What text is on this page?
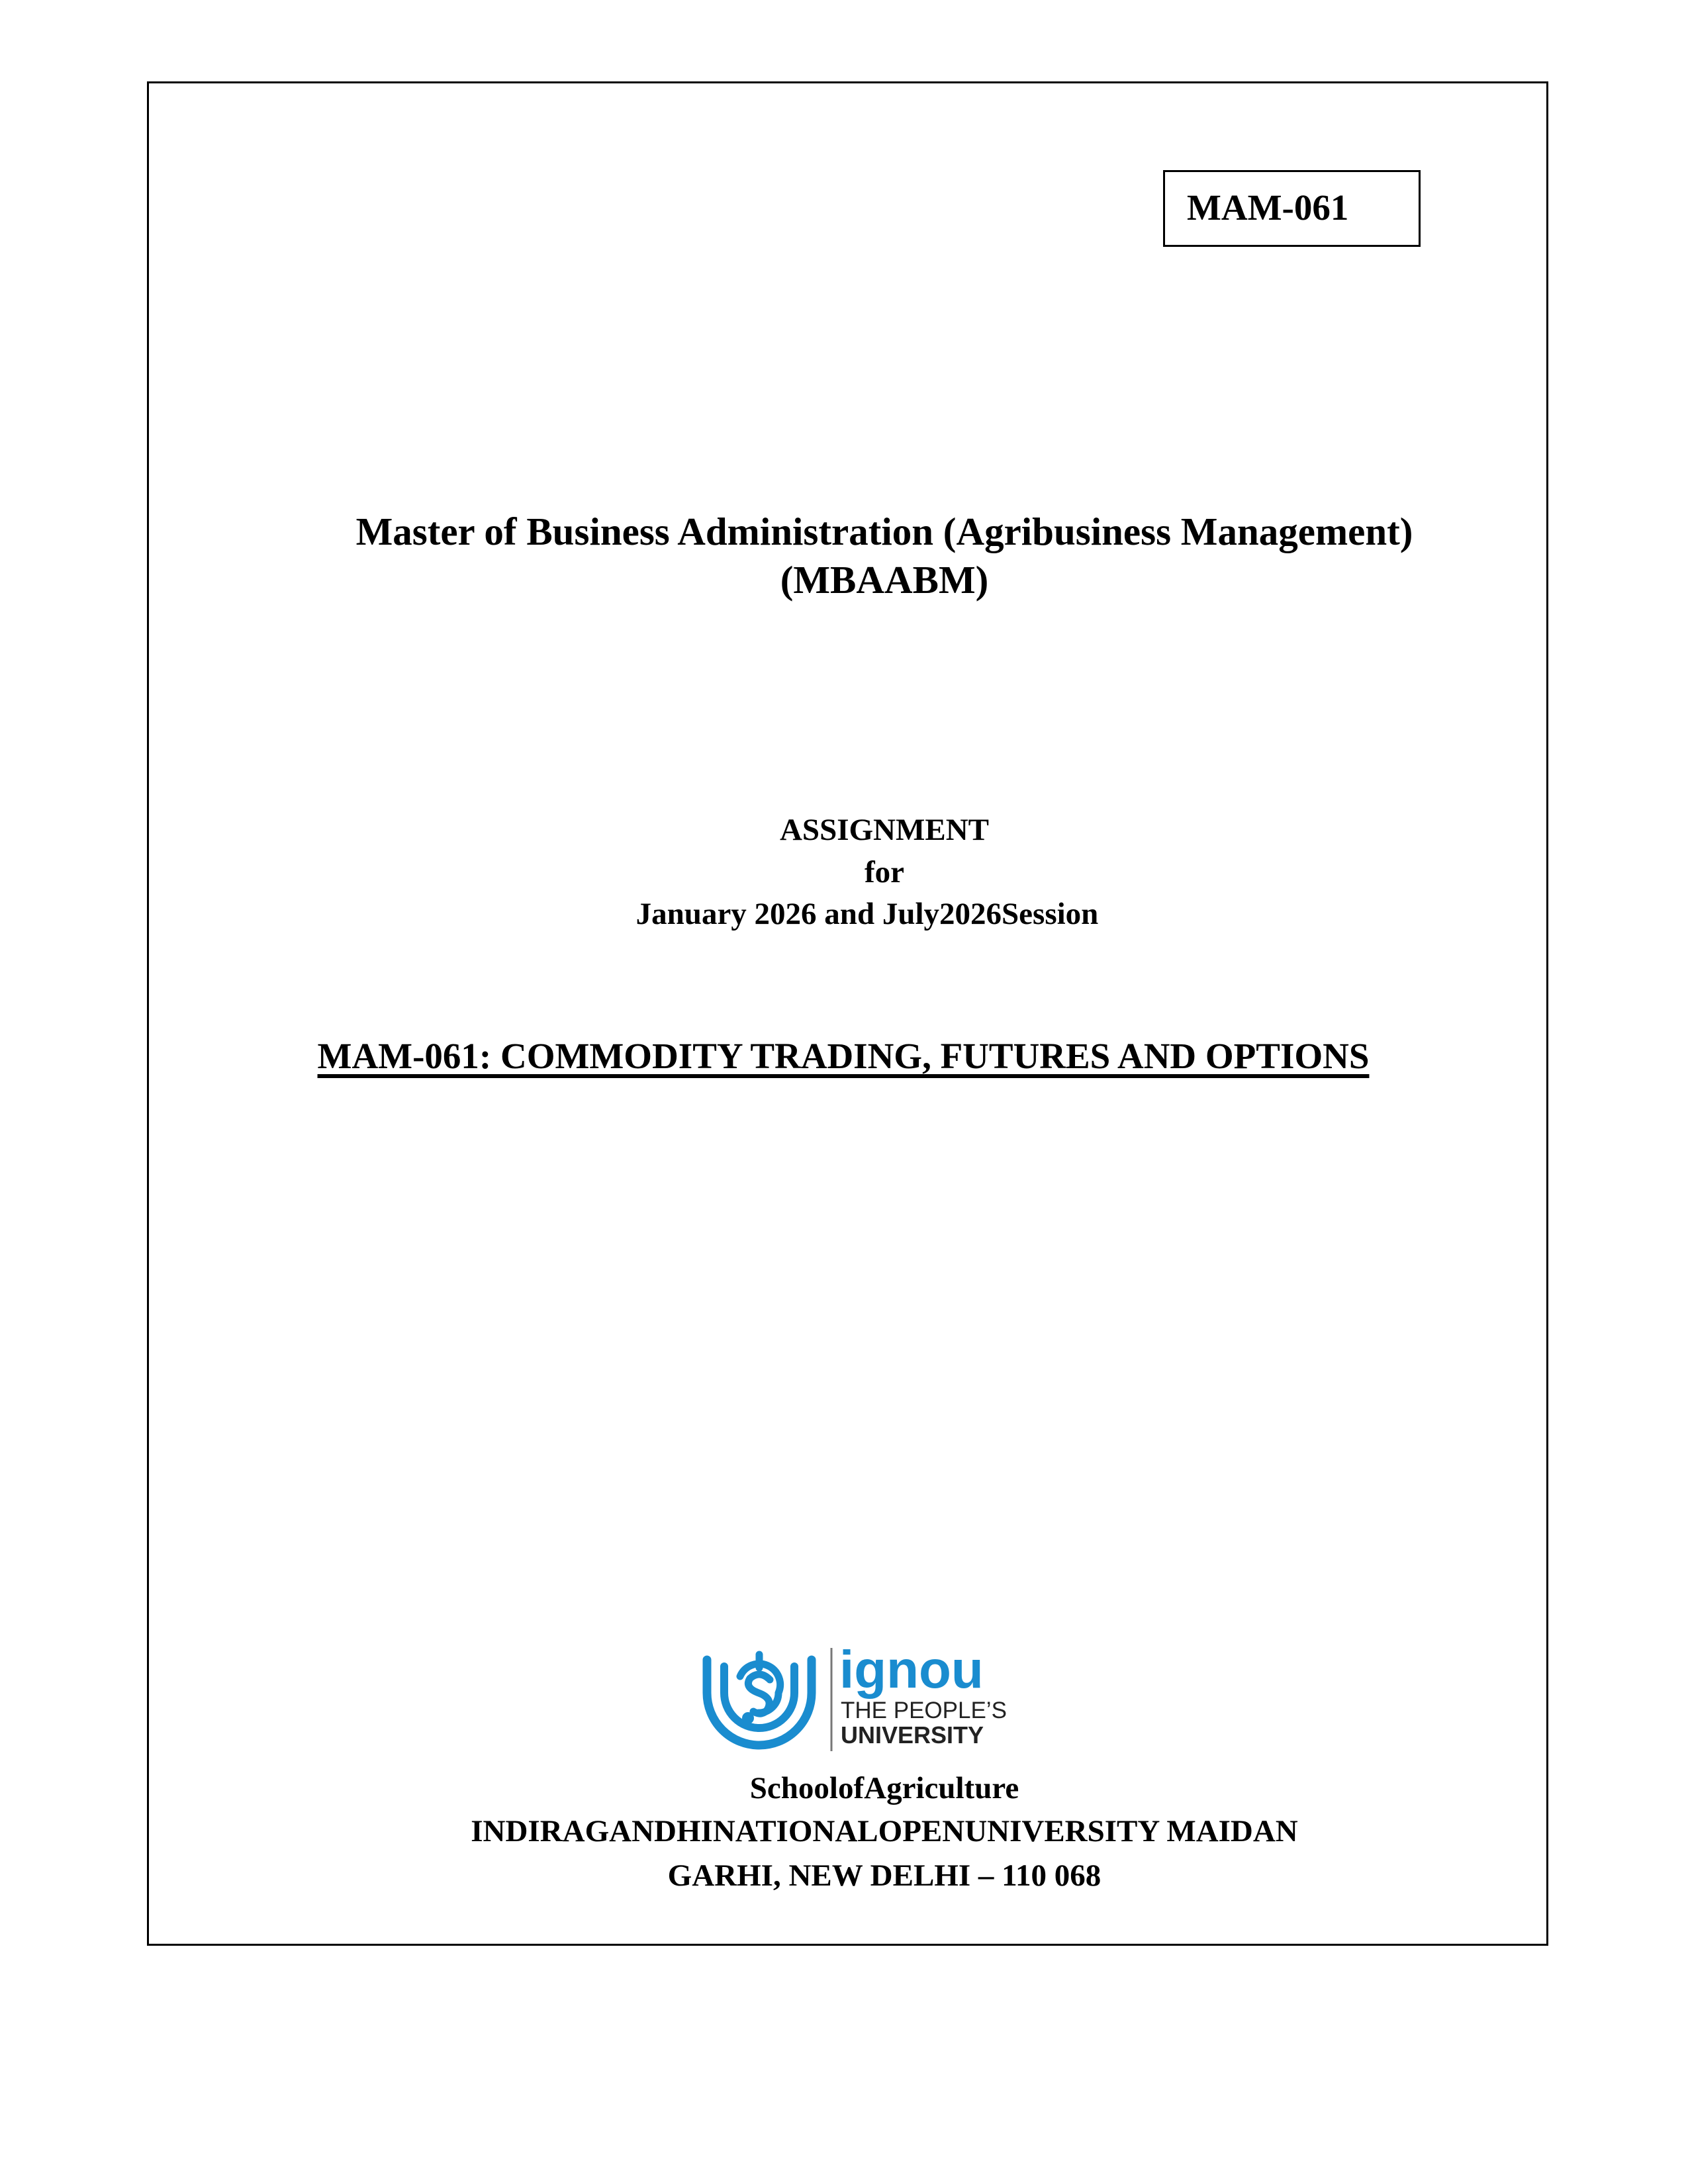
MAM-061
Master of Business Administration (Agribusiness Management)
(MBAABM)
ASSIGNMENT
for
January 2026 and July2026Session
MAM-061: COMMODITY TRADING, FUTURES AND OPTIONS
ignou
THE PEOPLE’S
UNIVERSITY
SchoolofAgriculture
INDIRAGANDHINATIONALOPENUNIVERSITY MAIDAN
GARHI, NEW DELHI – 110 068
